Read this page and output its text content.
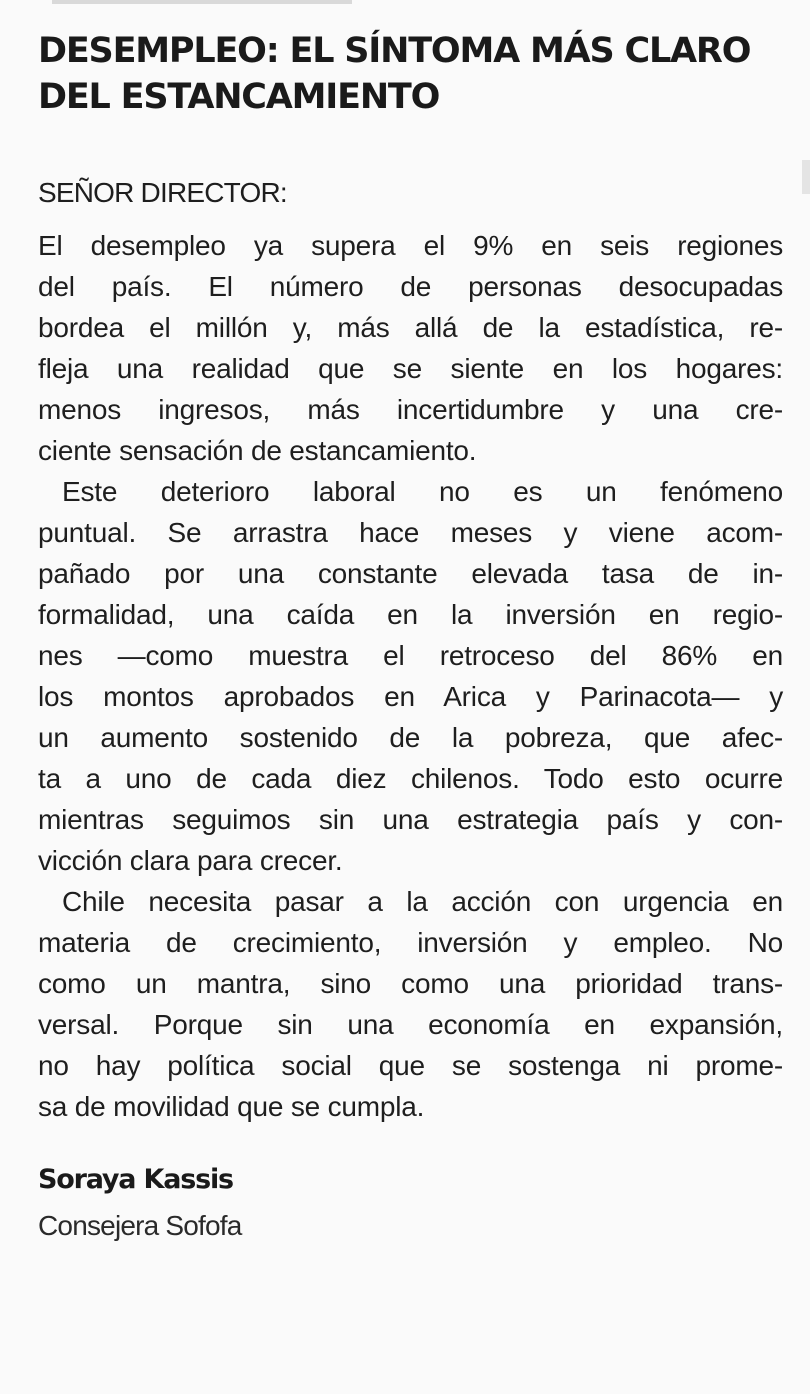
DESEMPLEO: EL SÍNTOMA MÁS CLARO
DEL ESTANCAMIENTO
SEÑOR DIRECTOR:
El desempleo ya supera el 9% en seis regiones
del país. El número de personas desocupadas
bordea el millón y, más allá de la estadística, re-
fleja una realidad que se siente en los hogares:
menos ingresos, más incertidumbre y una cre-
ciente sensación de estancamiento.
Este deterioro laboral no es un fenómeno
puntual. Se arrastra hace meses y viene acom-
pañado por una constante elevada tasa de in-
formalidad, una caída en la inversión en regio-
nes —como muestra el retroceso del 86% en
los montos aprobados en Arica y Parinacota— y
un aumento sostenido de la pobreza, que afec-
ta a uno de cada diez chilenos. Todo esto ocurre
mientras seguimos sin una estrategia país y con-
vicción clara para crecer.
Chile necesita pasar a la acción con urgencia en
materia de crecimiento, inversión y empleo. No
como un mantra, sino como una prioridad trans-
versal. Porque sin una economía en expansión,
no hay política social que se sostenga ni prome-
sa de movilidad que se cumpla.
Soraya Kassis
Consejera Sofofa
